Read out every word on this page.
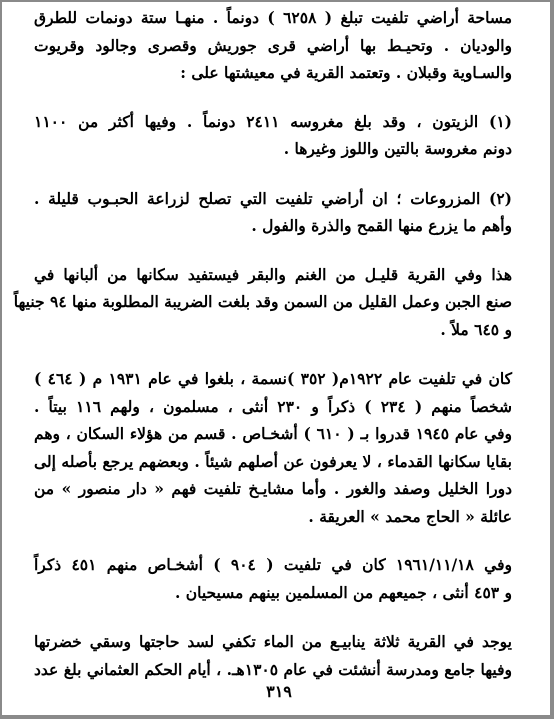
مساحة أراضي تلفيت تبلغ ( ٦٢٥٨ ) دونماً . منهـا ستة دونمات للطرق
والوديان . وتحيـط بها أراضي قرى جوريش وقصرى وجالود وقريوت
والسـاوية وقبلان . وتعتمد القرية في معيشتها على :
(١) الزيتون ، وقد بلغ مغروسه ٢٤١١ دونماً . وفيها أكثر من ١١٠٠
دونم مغروسة بالتين واللوز وغيرها .
(٢) المزروعات ؛ ان أراضي تلفيت التي تصلح لزراعة الحبـوب قليلة .
وأهم ما يزرع منها القمح والذرة والفول .
هذا وفي القرية قليـل من الغنم والبقر فيستفيد سكانها من ألبانها في
صنع الجبن وعمل القليل من السمن وقد بلغت الضريبة المطلوبة منها ٩٤ جنيهاً
و ٦٤٥ ملاً .
كان في تلفيت عام ١٩٢٢م( ٣٥٢ )نسمة ، بلغوا في عام ١٩٣١ م ( ٤٦٤ )
شخصاً منهم ( ٢٣٤ ) ذكراً و ٢٣٠ أنثى ، مسلمون ، ولهم ١١٦ بيتاً .
وفي عام ١٩٤٥ قدروا بـ ( ٦١٠ ) أشخـاص . قسم من هؤلاء السكان ، وهم
بقايا سكانها القدماء ، لا يعرفون عن أصلهم شيئاً . وبعضهم يرجع بأصله إلى
دورا الخليل وصفد والغور . وأما مشايـخ تلفيت فهم « دار منصور » من
عائلة « الحاج محمد » العريقة .
وفي ١٩٦١/١١/١٨ كان في تلفيت ( ٩٠٤ ) أشخـاص منهم ٤٥١ ذكراً
و ٤٥٣ أنثى ، جميعهم من المسلمين بينهم مسيحيان .
يوجد في القرية ثلاثة ينابيـع من الماء تكفي لسد حاجتها وسقي خضرتها
وفيها جامع ومدرسة أنشئت في عام ١٣٠٥هـ. ، أيام الحكم العثماني بلغ عدد
٣١٩
